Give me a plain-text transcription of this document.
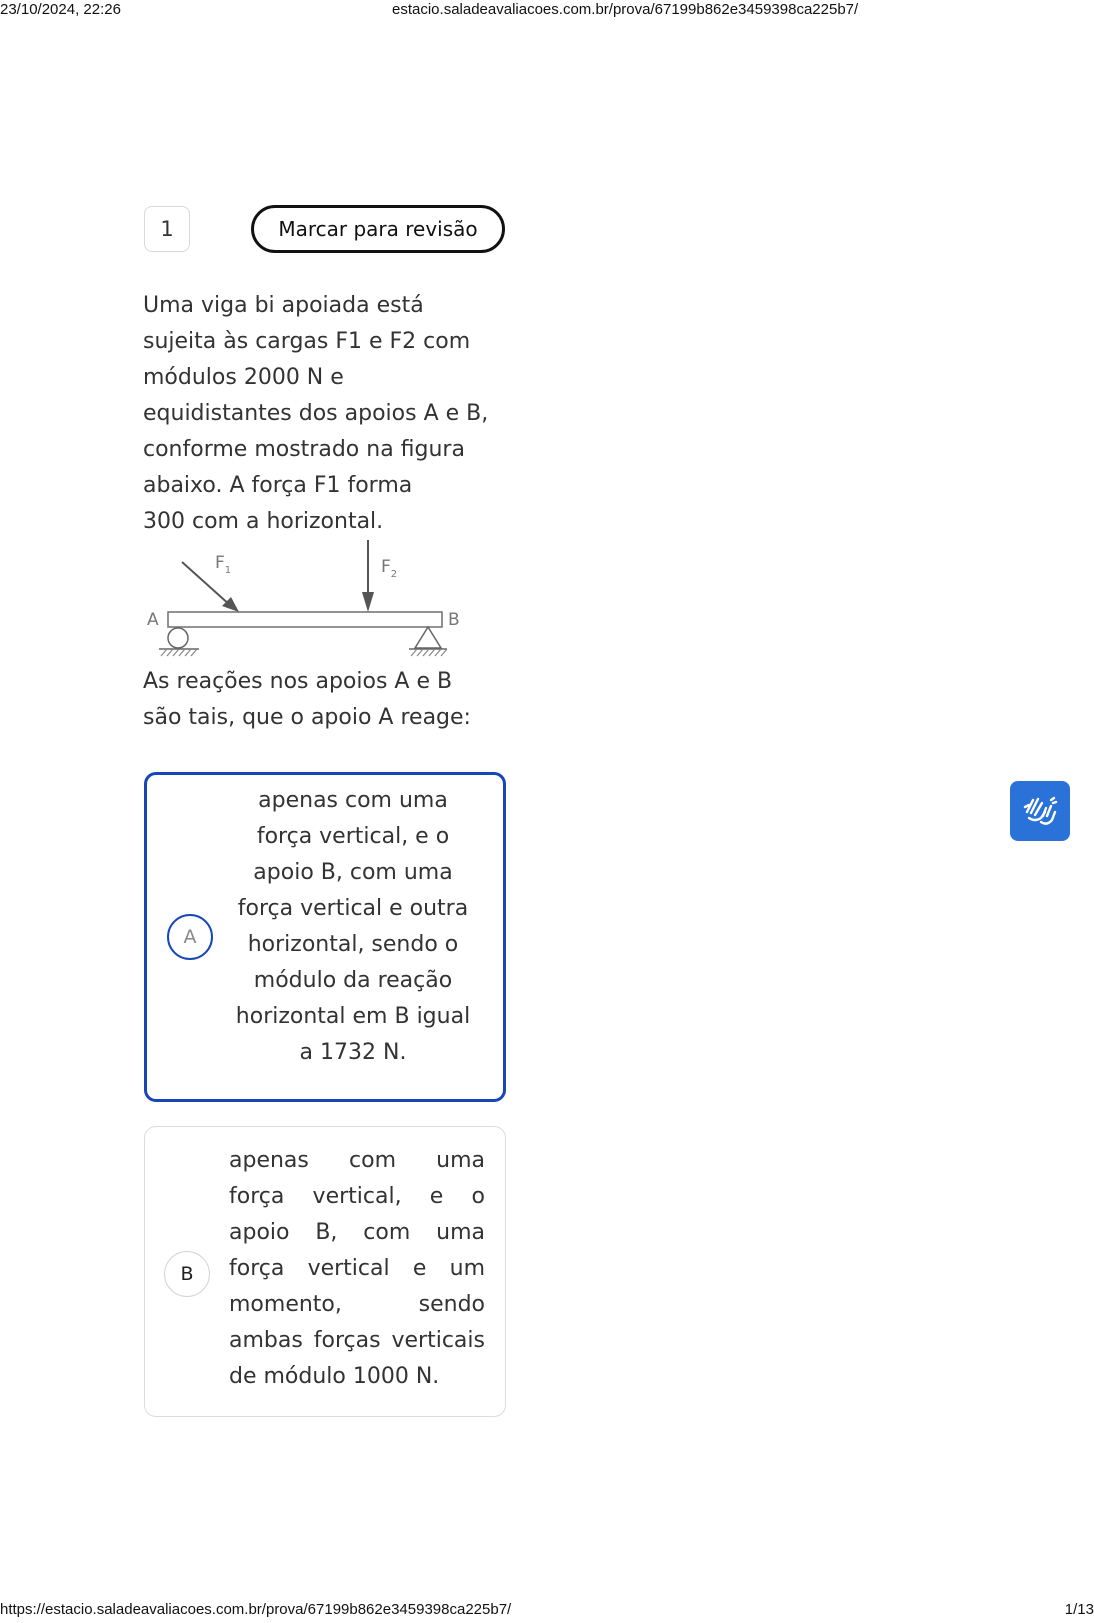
23/10/2024, 22:26	estacio.saladeavaliacoes.com.br/prova/67199b862e3459398ca225b7/
1	Marcar para revisão

Uma viga bi apoiada está

sujeita às cargas F1 e F2 com

módulos 2000 N e

equidistantes dos apoios A e B,

conforme mostrado na figura

abaixo. A força F1 forma

300 com a horizontal.

$F_1$	$F_2$
A	B

As reações nos apoios A e B

são tais, que o apoio A reage:

A
apenas com uma
força vertical, e o
apoio B, com uma
força vertical e outra
horizontal, sendo o
módulo da reação
horizontal em B igual
a 1732 N.
B
apenas com uma
força vertical, e o
apoio B, com uma
força vertical e um
momento, sendo
ambas forças verticais
de módulo 1000 N.
https://estacio.saladeavaliacoes.com.br/prova/67199b862e3459398ca225b7/	1/13
